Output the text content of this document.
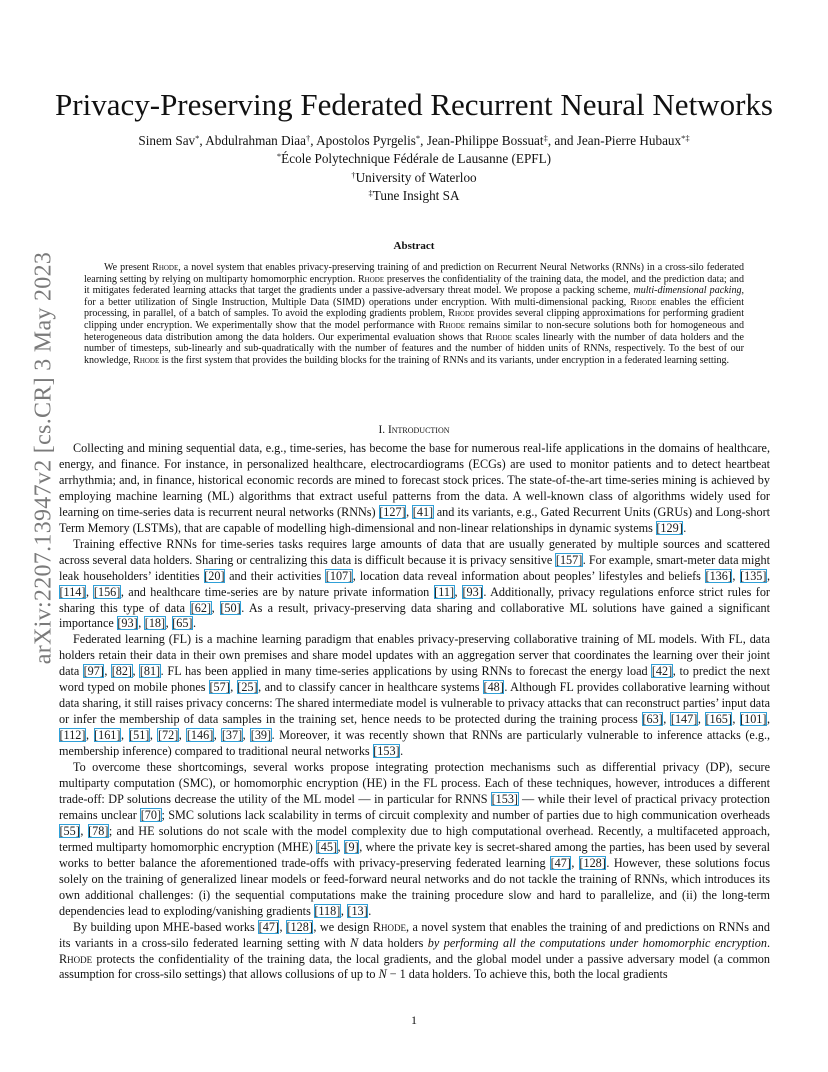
arXiv:2207.13947v2 [cs.CR] 3 May 2023
Privacy-Preserving Federated Recurrent Neural Networks
Sinem Sav*, Abdulrahman Diaa†, Apostolos Pyrgelis*, Jean-Philippe Bossuat‡, and Jean-Pierre Hubaux*‡
*École Polytechnique Fédérale de Lausanne (EPFL)
†University of Waterloo
‡Tune Insight SA
Abstract

We present Rhode, a novel system that enables privacy-preserving training of and prediction on Recurrent Neural Networks (RNNs) in a cross-silo federated learning setting by relying on multiparty homomorphic encryption. Rhode preserves the confidentiality of the training data, the model, and the prediction data; and it mitigates federated learning attacks that target the gradients under a passive-adversary threat model. We propose a packing scheme, multi-dimensional packing, for a better utilization of Single Instruction, Multiple Data (SIMD) operations under encryption. With multi-dimensional packing, Rhode enables the efficient processing, in parallel, of a batch of samples. To avoid the exploding gradients problem, Rhode provides several clipping approximations for performing gradient clipping under encryption. We experimentally show that the model performance with Rhode remains similar to non-secure solutions both for homogeneous and heterogeneous data distribution among the data holders. Our experimental evaluation shows that Rhode scales linearly with the number of data holders and the number of timesteps, sub-linearly and sub-quadratically with the number of features and the number of hidden units of RNNs, respectively. To the best of our knowledge, Rhode is the first system that provides the building blocks for the training of RNNs and its variants, under encryption in a federated learning setting.

I. Introduction

Collecting and mining sequential data, e.g., time-series, has become the base for numerous real-life applications in the domains of healthcare, energy, and finance. For instance, in personalized healthcare, electrocardiograms (ECGs) are used to monitor patients and to detect heartbeat arrhythmia; and, in finance, historical economic records are mined to forecast stock prices. The state-of-the-art time-series mining is achieved by employing machine learning (ML) algorithms that extract useful patterns from the data. A well-known class of algorithms widely used for learning on time-series data is recurrent neural networks (RNNs) [127], [41] and its variants, e.g., Gated Recurrent Units (GRUs) and Long-short Term Memory (LSTMs), that are capable of modelling high-dimensional and non-linear relationships in dynamic systems [129].

Training effective RNNs for time-series tasks requires large amounts of data that are usually generated by multiple sources and scattered across several data holders. Sharing or centralizing this data is difficult because it is privacy sensitive [157]. For example, smart-meter data might leak householders’ identities [20] and their activities [107], location data reveal information about peoples’ lifestyles and beliefs [136], [135], [114], [156], and healthcare time-series are by nature private information [11], [93]. Additionally, privacy regulations enforce strict rules for sharing this type of data [62], [50]. As a result, privacy-preserving data sharing and collaborative ML solutions have gained a significant importance [93], [18], [65].

Federated learning (FL) is a machine learning paradigm that enables privacy-preserving collaborative training of ML models. With FL, data holders retain their data in their own premises and share model updates with an aggregation server that coordinates the learning over their joint data [97], [82], [81]. FL has been applied in many time-series applications by using RNNs to forecast the energy load [42], to predict the next word typed on mobile phones [57], [25], and to classify cancer in healthcare systems [48]. Although FL provides collaborative learning without data sharing, it still raises privacy concerns: The shared intermediate model is vulnerable to privacy attacks that can reconstruct parties’ input data or infer the membership of data samples in the training set, hence needs to be protected during the training process [63], [147], [165], [101], [112], [161], [51], [72], [146], [37], [39]. Moreover, it was recently shown that RNNs are particularly vulnerable to inference attacks (e.g., membership inference) compared to traditional neural networks [153].

To overcome these shortcomings, several works propose integrating protection mechanisms such as differential privacy (DP), secure multiparty computation (SMC), or homomorphic encryption (HE) in the FL process. Each of these techniques, however, introduces a different trade-off: DP solutions decrease the utility of the ML model — in particular for RNNS [153] — while their level of practical privacy protection remains unclear [70]; SMC solutions lack scalability in terms of circuit complexity and number of parties due to high communication overheads [55], [78]; and HE solutions do not scale with the model complexity due to high computational overhead. Recently, a multifaceted approach, termed multiparty homomorphic encryption (MHE) [45], [9], where the private key is secret-shared among the parties, has been used by several works to better balance the aforementioned trade-offs with privacy-preserving federated learning [47], [128]. However, these solutions focus solely on the training of generalized linear models or feed-forward neural networks and do not tackle the training of RNNs, which introduces its own additional challenges: (i) the sequential computations make the training procedure slow and hard to parallelize, and (ii) the long-term dependencies lead to exploding/vanishing gradients [118], [13].

By building upon MHE-based works [47], [128], we design Rhode, a novel system that enables the training of and predictions on RNNs and its variants in a cross-silo federated learning setting with N data holders by performing all the computations under homomorphic encryption. Rhode protects the confidentiality of the training data, the local gradients, and the global model under a passive adversary model (a common assumption for cross-silo settings) that allows collusions of up to N − 1 data holders. To achieve this, both the local gradients

1
